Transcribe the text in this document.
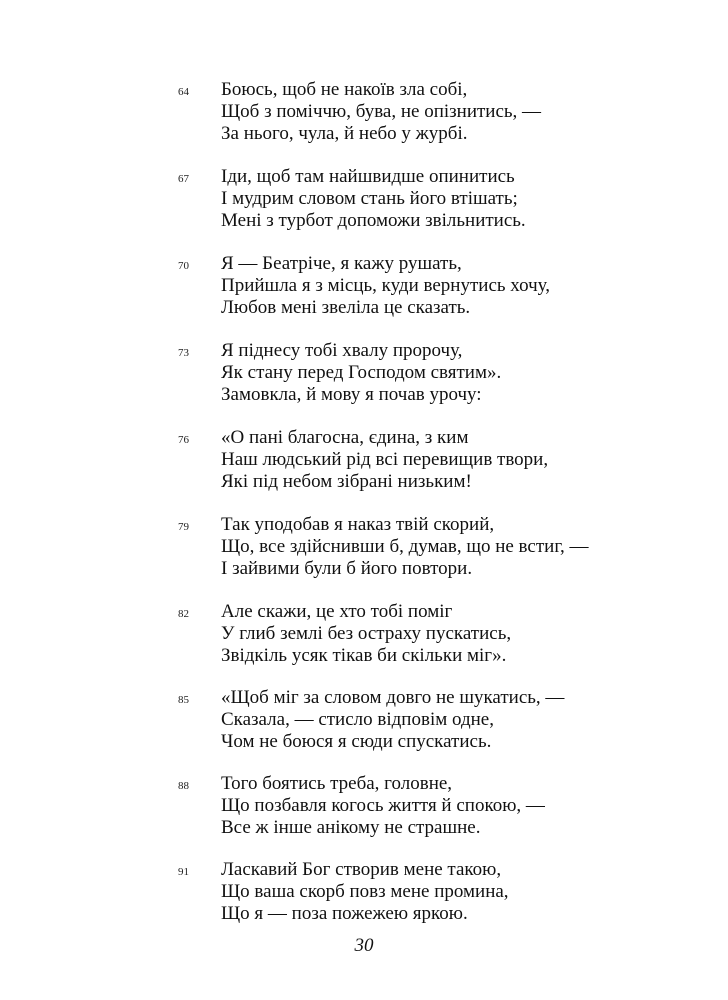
64 Боюсь, щоб не накоїв зла собі,
Щоб з поміччю, бува, не опізнитись, —
За нього, чула, й небо у журбі.
67 Іди, щоб там найшвидше опинитись
І мудрим словом стань його втішать;
Мені з турбот допоможи звільнитись.
70 Я — Беатріче, я кажу рушать,
Прийшла я з місць, куди вернутись хочу,
Любов мені звеліла це сказать.
73 Я піднесу тобі хвалу пророчу,
Як стану перед Господом святим».
Замовкла, й мову я почав урочу:
76 «О пані благосна, єдина, з ким
Наш людський рід всі перевищив твори,
Які під небом зібрані низьким!
79 Так уподобав я наказ твій скорий,
Що, все здійснивши б, думав, що не встиг, —
І зайвими були б його повтори.
82 Але скажи, це хто тобі поміг
У глиб землі без остраху пускатись,
Звідкіль усяк тікав би скільки міг».
85 «Щоб міг за словом довго не шукатись, —
Сказала, — стисло відповім одне,
Чом не боюся я сюди спускатись.
88 Того боятись треба, головне,
Що позбавля когось життя й спокою, —
Все ж інше анікому не страшне.
91 Ласкавий Бог створив мене такою,
Що ваша скорб повз мене промина,
Що я — поза пожежею яркою.
30
